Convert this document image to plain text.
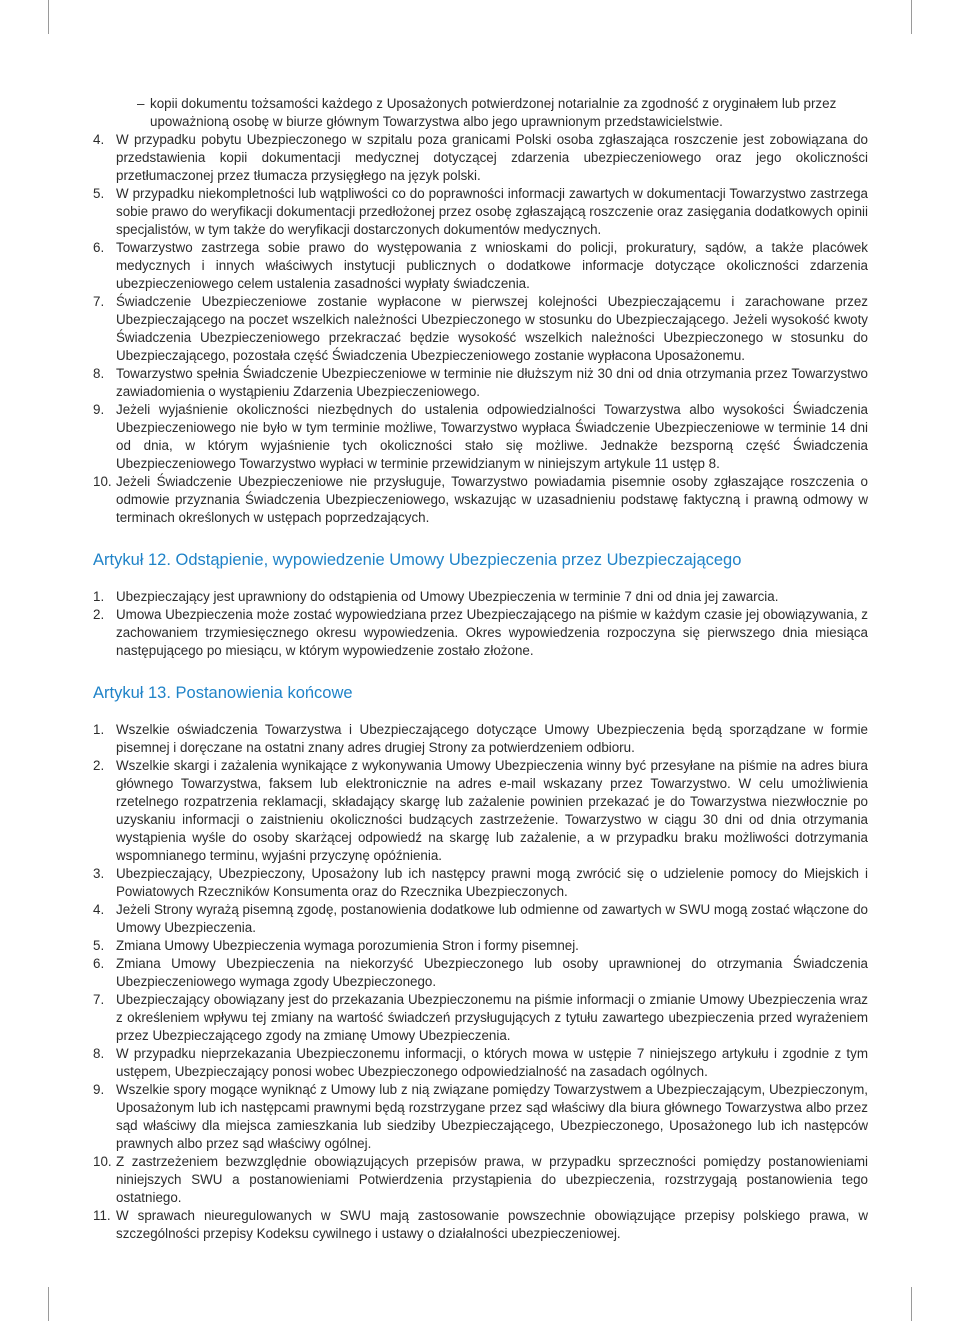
– kopii dokumentu tożsamości każdego z Uposażonych potwierdzonej notarialnie za zgodność z oryginałem lub przez upoważnioną osobę w biurze głównym Towarzystwa albo jego uprawnionym przedstawicielstwie.
4. W przypadku pobytu Ubezpieczonego w szpitalu poza granicami Polski osoba zgłaszająca roszczenie jest zobowiązana do przedstawienia kopii dokumentacji medycznej dotyczącej zdarzenia ubezpieczeniowego oraz jego okoliczności przetłumaczonej przez tłumacza przysięgłego na język polski.
5. W przypadku niekompletności lub wątpliwości co do poprawności informacji zawartych w dokumentacji Towarzystwo zastrzega sobie prawo do weryfikacji dokumentacji przedłożonej przez osobę zgłaszającą roszczenie oraz zasięgania dodatkowych opinii specjalistów, w tym także do weryfikacji dostarczonych dokumentów medycznych.
6. Towarzystwo zastrzega sobie prawo do występowania z wnioskami do policji, prokuratury, sądów, a także placówek medycznych i innych właściwych instytucji publicznych o dodatkowe informacje dotyczące okoliczności zdarzenia ubezpieczeniowego celem ustalenia zasadności wypłaty świadczenia.
7. Świadczenie Ubezpieczeniowe zostanie wypłacone w pierwszej kolejności Ubezpieczającemu i zarachowane przez Ubezpieczającego na poczet wszelkich należności Ubezpieczonego w stosunku do Ubezpieczającego. Jeżeli wysokość kwoty Świadczenia Ubezpieczeniowego przekraczać będzie wysokość wszelkich należności Ubezpieczonego w stosunku do Ubezpieczającego, pozostała część Świadczenia Ubezpieczeniowego zostanie wypłacona Uposażonemu.
8. Towarzystwo spełnia Świadczenie Ubezpieczeniowe w terminie nie dłuższym niż 30 dni od dnia otrzymania przez Towarzystwo zawiadomienia o wystąpieniu Zdarzenia Ubezpieczeniowego.
9. Jeżeli wyjaśnienie okoliczności niezbędnych do ustalenia odpowiedzialności Towarzystwa albo wysokości Świadczenia Ubezpieczeniowego nie było w tym terminie możliwe, Towarzystwo wypłaca Świadczenie Ubezpieczeniowe w terminie 14 dni od dnia, w którym wyjaśnienie tych okoliczności stało się możliwe. Jednakże bezsporną część Świadczenia Ubezpieczeniowego Towarzystwo wypłaci w terminie przewidzianym w niniejszym artykule 11 ustęp 8.
10. Jeżeli Świadczenie Ubezpieczeniowe nie przysługuje, Towarzystwo powiadamia pisemnie osoby zgłaszające roszczenia o odmowie przyznania Świadczenia Ubezpieczeniowego, wskazując w uzasadnieniu podstawę faktyczną i prawną odmowy w terminach określonych w ustępach poprzedzających.
Artykuł 12. Odstąpienie, wypowiedzenie Umowy Ubezpieczenia przez Ubezpieczającego
1. Ubezpieczający jest uprawniony do odstąpienia od Umowy Ubezpieczenia w terminie 7 dni od dnia jej zawarcia.
2. Umowa Ubezpieczenia może zostać wypowiedziana przez Ubezpieczającego na piśmie w każdym czasie jej obowiązywania, z zachowaniem trzymiesięcznego okresu wypowiedzenia. Okres wypowiedzenia rozpoczyna się pierwszego dnia miesiąca następującego po miesiącu, w którym wypowiedzenie zostało złożone.
Artykuł 13. Postanowienia końcowe
1. Wszelkie oświadczenia Towarzystwa i Ubezpieczającego dotyczące Umowy Ubezpieczenia będą sporządzane w formie pisemnej i doręczane na ostatni znany adres drugiej Strony za potwierdzeniem odbioru.
2. Wszelkie skargi i zażalenia wynikające z wykonywania Umowy Ubezpieczenia winny być przesyłane na piśmie na adres biura głównego Towarzystwa, faksem lub elektronicznie na adres e-mail wskazany przez Towarzystwo. W celu umożliwienia rzetelnego rozpatrzenia reklamacji, składający skargę lub zażalenie powinien przekazać je do Towarzystwa niezwłocznie po uzyskaniu informacji o zaistnieniu okoliczności budzących zastrzeżenie. Towarzystwo w ciągu 30 dni od dnia otrzymania wystąpienia wyśle do osoby skarżącej odpowiedź na skargę lub zażalenie, a w przypadku braku możliwości dotrzymania wspomnianego terminu, wyjaśni przyczynę opóźnienia.
3. Ubezpieczający, Ubezpieczony, Uposażony lub ich następcy prawni mogą zwrócić się o udzielenie pomocy do Miejskich i Powiatowych Rzeczników Konsumenta oraz do Rzecznika Ubezpieczonych.
4. Jeżeli Strony wyrażą pisemną zgodę, postanowienia dodatkowe lub odmienne od zawartych w SWU mogą zostać włączone do Umowy Ubezpieczenia.
5. Zmiana Umowy Ubezpieczenia wymaga porozumienia Stron i formy pisemnej.
6. Zmiana Umowy Ubezpieczenia na niekorzyść Ubezpieczonego lub osoby uprawnionej do otrzymania Świadczenia Ubezpieczeniowego wymaga zgody Ubezpieczonego.
7. Ubezpieczający obowiązany jest do przekazania Ubezpieczonemu na piśmie informacji o zmianie Umowy Ubezpieczenia wraz z określeniem wpływu tej zmiany na wartość świadczeń przysługujących z tytułu zawartego ubezpieczenia przed wyrażeniem przez Ubezpieczającego zgody na zmianę Umowy Ubezpieczenia.
8. W przypadku nieprzekazania Ubezpieczonemu informacji, o których mowa w ustępie 7 niniejszego artykułu i zgodnie z tym ustępem, Ubezpieczający ponosi wobec Ubezpieczonego odpowiedzialność na zasadach ogólnych.
9. Wszelkie spory mogące wyniknąć z Umowy lub z nią związane pomiędzy Towarzystwem a Ubezpieczającym, Ubezpieczonym, Uposażonym lub ich następcami prawnymi będą rozstrzygane przez sąd właściwy dla biura głównego Towarzystwa albo przez sąd właściwy dla miejsca zamieszkania lub siedziby Ubezpieczającego, Ubezpieczonego, Uposażonego lub ich następców prawnych albo przez sąd właściwy ogólnej.
10. Z zastrzeżeniem bezwzględnie obowiązujących przepisów prawa, w przypadku sprzeczności pomiędzy postanowieniami niniejszych SWU a postanowieniami Potwierdzenia przystąpienia do ubezpieczenia, rozstrzygają postanowienia tego ostatniego.
11. W sprawach nieuregulowanych w SWU mają zastosowanie powszechnie obowiązujące przepisy polskiego prawa, w szczególności przepisy Kodeksu cywilnego i ustawy o działalności ubezpieczeniowej.
